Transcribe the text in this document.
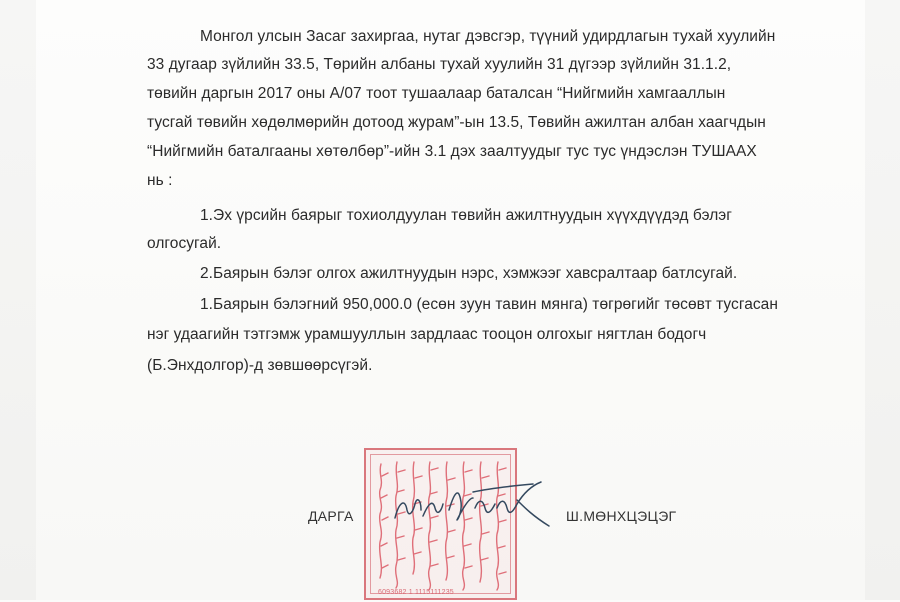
Монгол улсын Засаг захиргаа, нутаг дэвсгэр, түүний удирдлагын тухай хуулийн
33 дугаар зүйлийн 33.5, Төрийн албаны тухай хуулийн 31 дүгээр зүйлийн 31.1.2,
төвийн даргын 2017 оны А/07 тоот тушаалаар баталсан “Нийгмийн хамгааллын
тусгай төвийн хөдөлмөрийн дотоод журам”-ын 13.5, Төвийн ажилтан албан хаагчдын
“Нийгмийн баталгааны хөтөлбөр”-ийн 3.1 дэх заалтуудыг тус тус үндэслэн ТУШААХ
нь :
1.Эх үрсийн баярыг тохиолдуулан төвийн ажилтнуудын хүүхдүүдэд бэлэг
олгосугай.
2.Баярын бэлэг олгох ажилтнуудын нэрс, хэмжээг хавсралтаар батлсугай.
1.Баярын бэлэгний 950,000.0 (есөн зуун тавин мянга) төгрөгийг төсөвт тусгасан
нэг удаагийн тэтгэмж урамшууллын зардлаас тооцон олгохыг нягтлан бодогч
(Б.Энхдолгор)-д зөвшөөрсүгэй.
ДАРГА	Ш.МӨНХЦЭЦЭГ
6093682 1 1115111235
